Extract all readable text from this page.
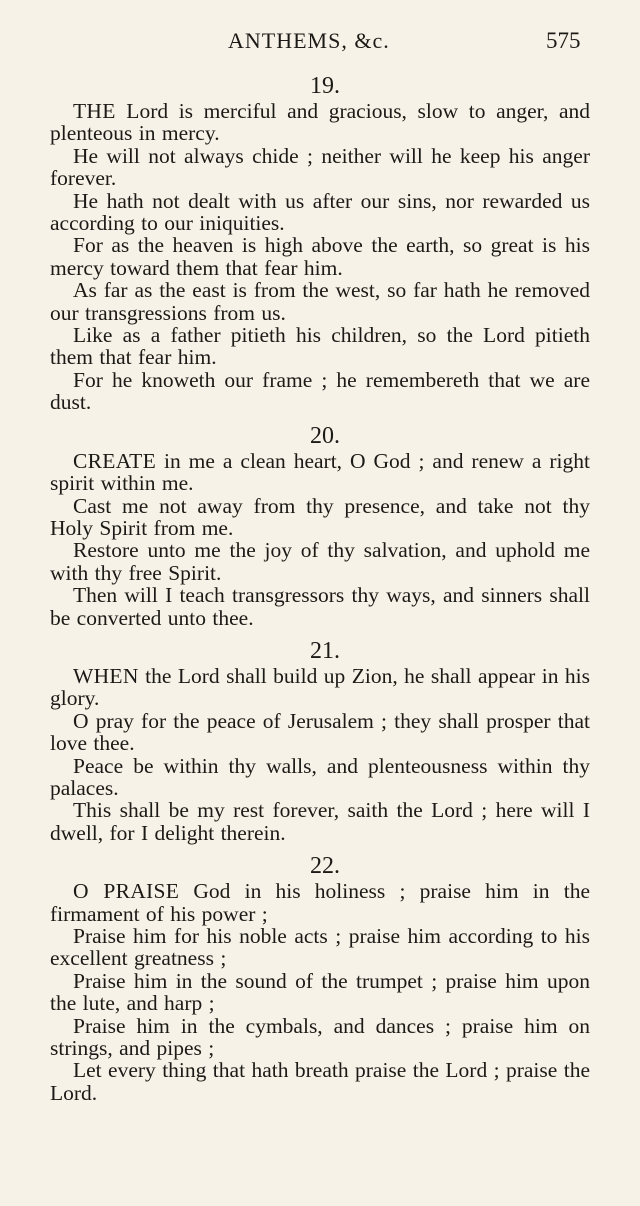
ANTHEMS, &c.	575
19.

THE Lord is merciful and gracious, slow to anger, and plenteous in mercy.

He will not always chide ; neither will he keep his anger forever.

He hath not dealt with us after our sins, nor rewarded us according to our iniquities.

For as the heaven is high above the earth, so great is his mercy toward them that fear him.

As far as the east is from the west, so far hath he removed our transgressions from us.

Like as a father pitieth his children, so the Lord pitieth them that fear him.

For he knoweth our frame ; he remembereth that we are dust.

20.

CREATE in me a clean heart, O God ; and renew a right spirit within me.

Cast me not away from thy presence, and take not thy Holy Spirit from me.

Restore unto me the joy of thy salvation, and uphold me with thy free Spirit.

Then will I teach transgressors thy ways, and sinners shall be converted unto thee.

21.

WHEN the Lord shall build up Zion, he shall appear in his glory.

O pray for the peace of Jerusalem ; they shall prosper that love thee.

Peace be within thy walls, and plenteousness within thy palaces.

This shall be my rest forever, saith the Lord ; here will I dwell, for I delight therein.

22.

O PRAISE God in his holiness ; praise him in the firmament of his power ;

Praise him for his noble acts ; praise him according to his excellent greatness ;

Praise him in the sound of the trumpet ; praise him upon the lute, and harp ;

Praise him in the cymbals, and dances ; praise him on strings, and pipes ;

Let every thing that hath breath praise the Lord ; praise the Lord.
